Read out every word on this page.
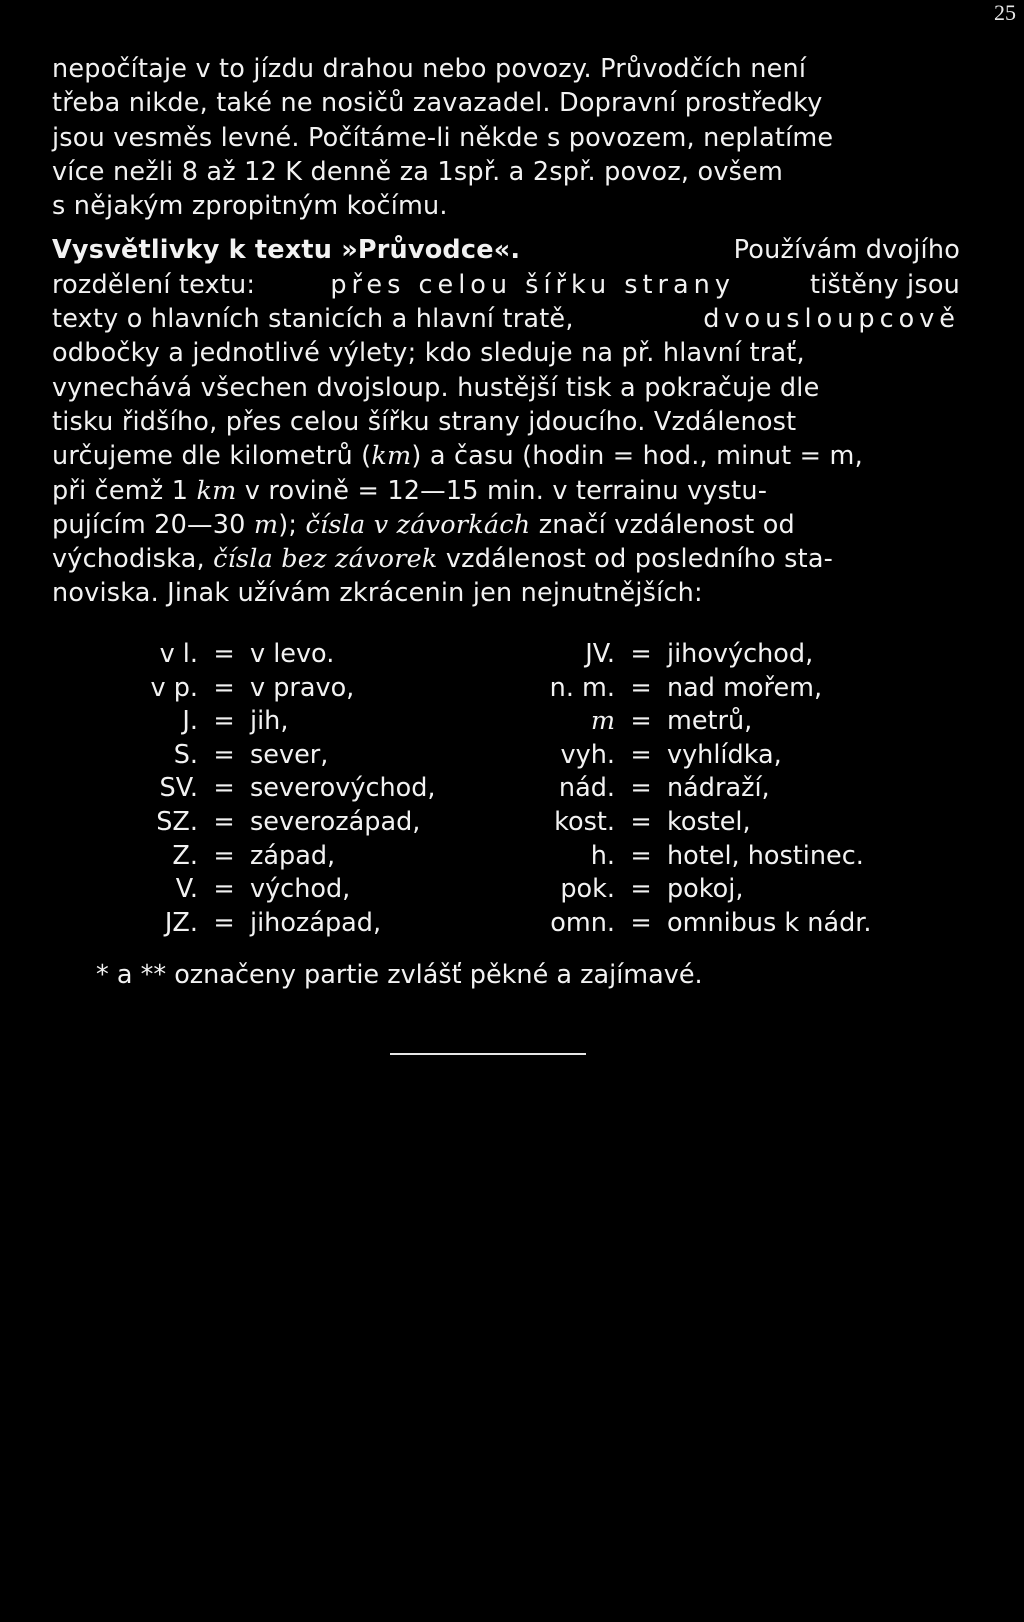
25
nepočítaje v to jízdu drahou nebo povozy. Průvodčích není
třeba nikde, také ne nosičů zavazadel. Dopravní prostředky
jsou vesměs levné. Počítáme-li někde s povozem, neplatíme
více nežli 8 až 12 K denně za 1spř. a 2spř. povoz, ovšem
s nějakým zpropitným kočímu.
Vysvětlivky k textu »Průvodce«.	Používám dvojího
rozdělení textu:	přes celou šířku strany	tištěny jsou
texty o hlavních stanicích a hlavní tratě,	dvousloupcově
odbočky a jednotlivé výlety; kdo sleduje na př. hlavní trať,
vynechává všechen dvojsloup. hustější tisk a pokračuje dle
tisku řidšího, přes celou šířku strany jdoucího. Vzdálenost
určujeme dle kilometrů (km) a času (hodin = hod., minut = m,
při čemž 1 km v rovině = 12—15 min. v terrainu vystu-
pujícím 20—30 m); čísla v závorkách značí vzdálenost od
východiska, čísla bez závorek vzdálenost od posledního sta-
noviska. Jinak užívám zkrácenin jen nejnutnějších:
v l.	=	v levo.	JV.	=	jihovýchod,
v p.	=	v pravo,	n. m.	=	nad mořem,
J.	=	jih,	m	=	metrů,
S.	=	sever,	vyh.	=	vyhlídka,
SV.	=	severovýchod,	nád.	=	nádraží,
SZ.	=	severozápad,	kost.	=	kostel,
Z.	=	západ,	h.	=	hotel, hostinec.
V.	=	východ,	pok.	=	pokoj,
JZ.	=	jihozápad,	omn.	=	omnibus k nádr.
* a ** označeny partie zvlášť pěkné a zajímavé.
